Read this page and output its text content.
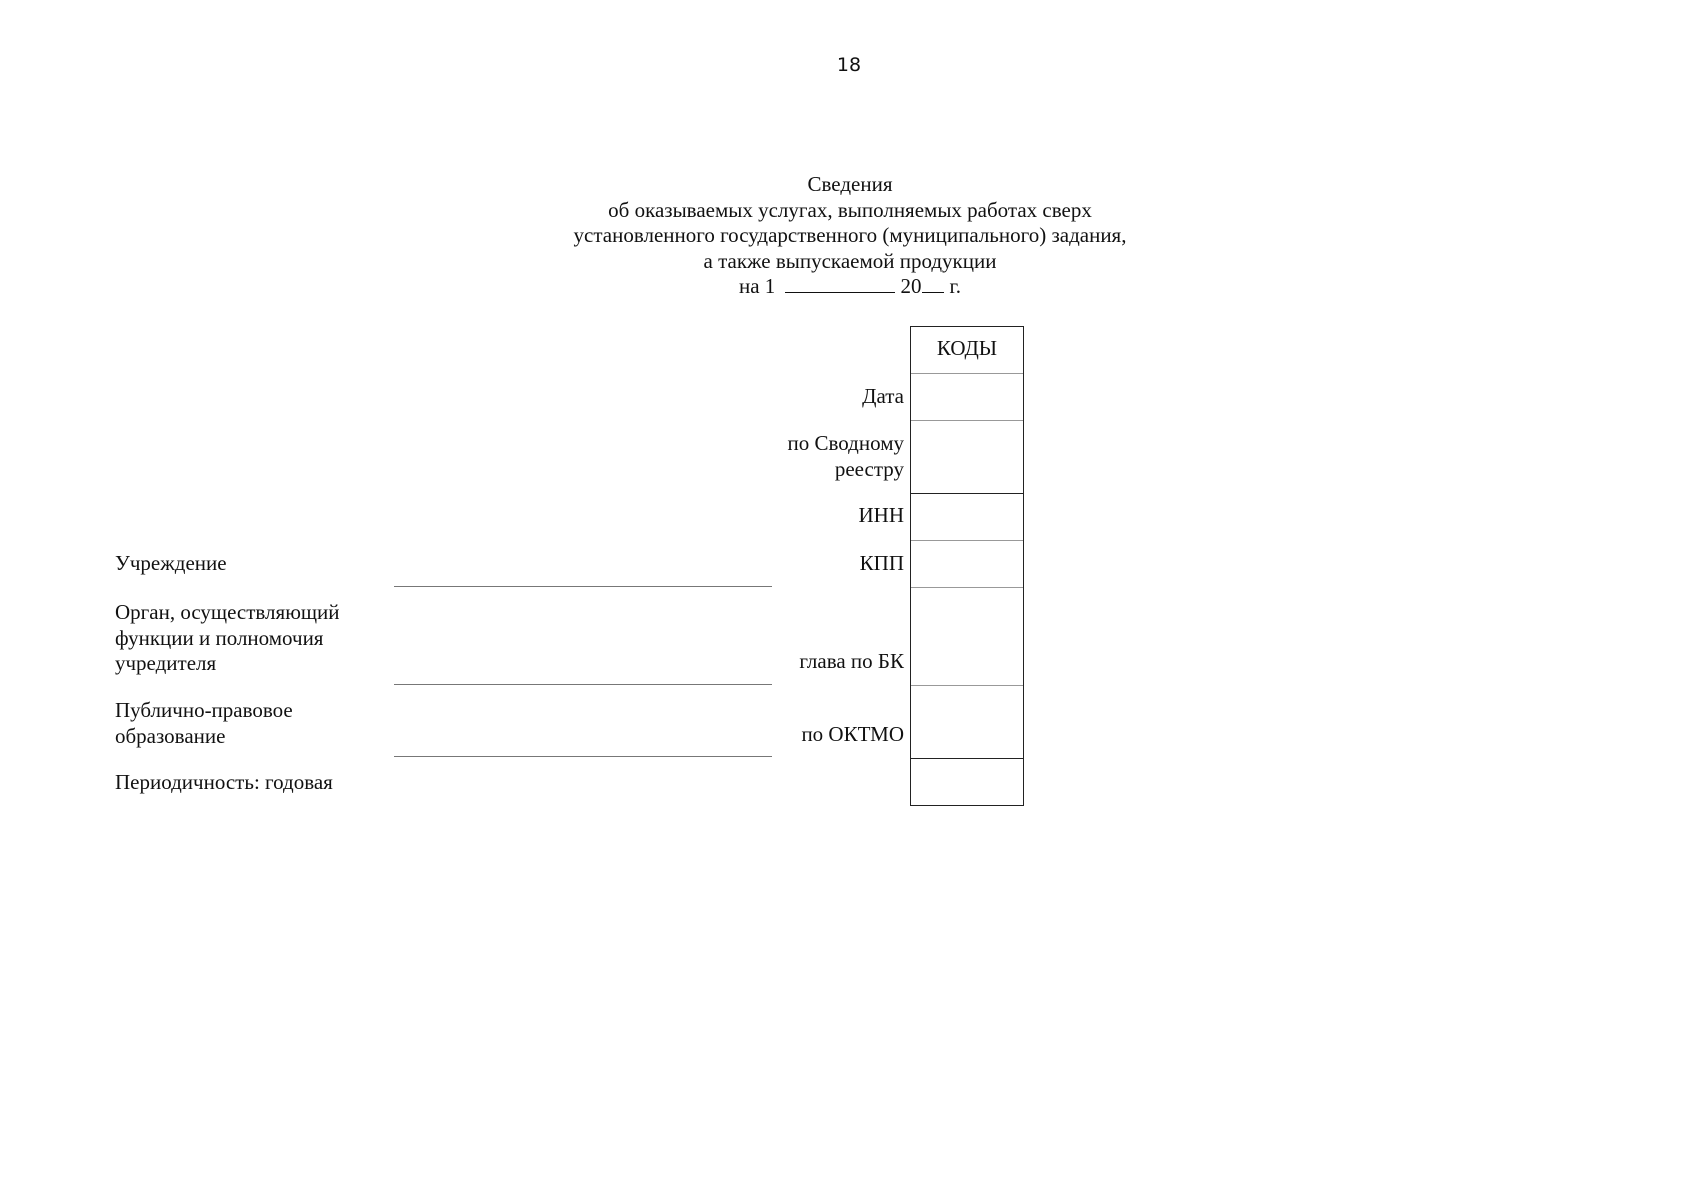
18
Сведения
об оказываемых услугах, выполняемых работах сверх
установленного государственного (муниципального) задания,
а также выпускаемой продукции
на 1	20 г.
КОДЫ
Дата
по Сводному
реестру
ИНН
КПП
глава по БК
по ОКТМО
Учреждение
Орган, осуществляющий
функции и полномочия
учредителя
Публично-правовое
образование
Периодичность: годовая
